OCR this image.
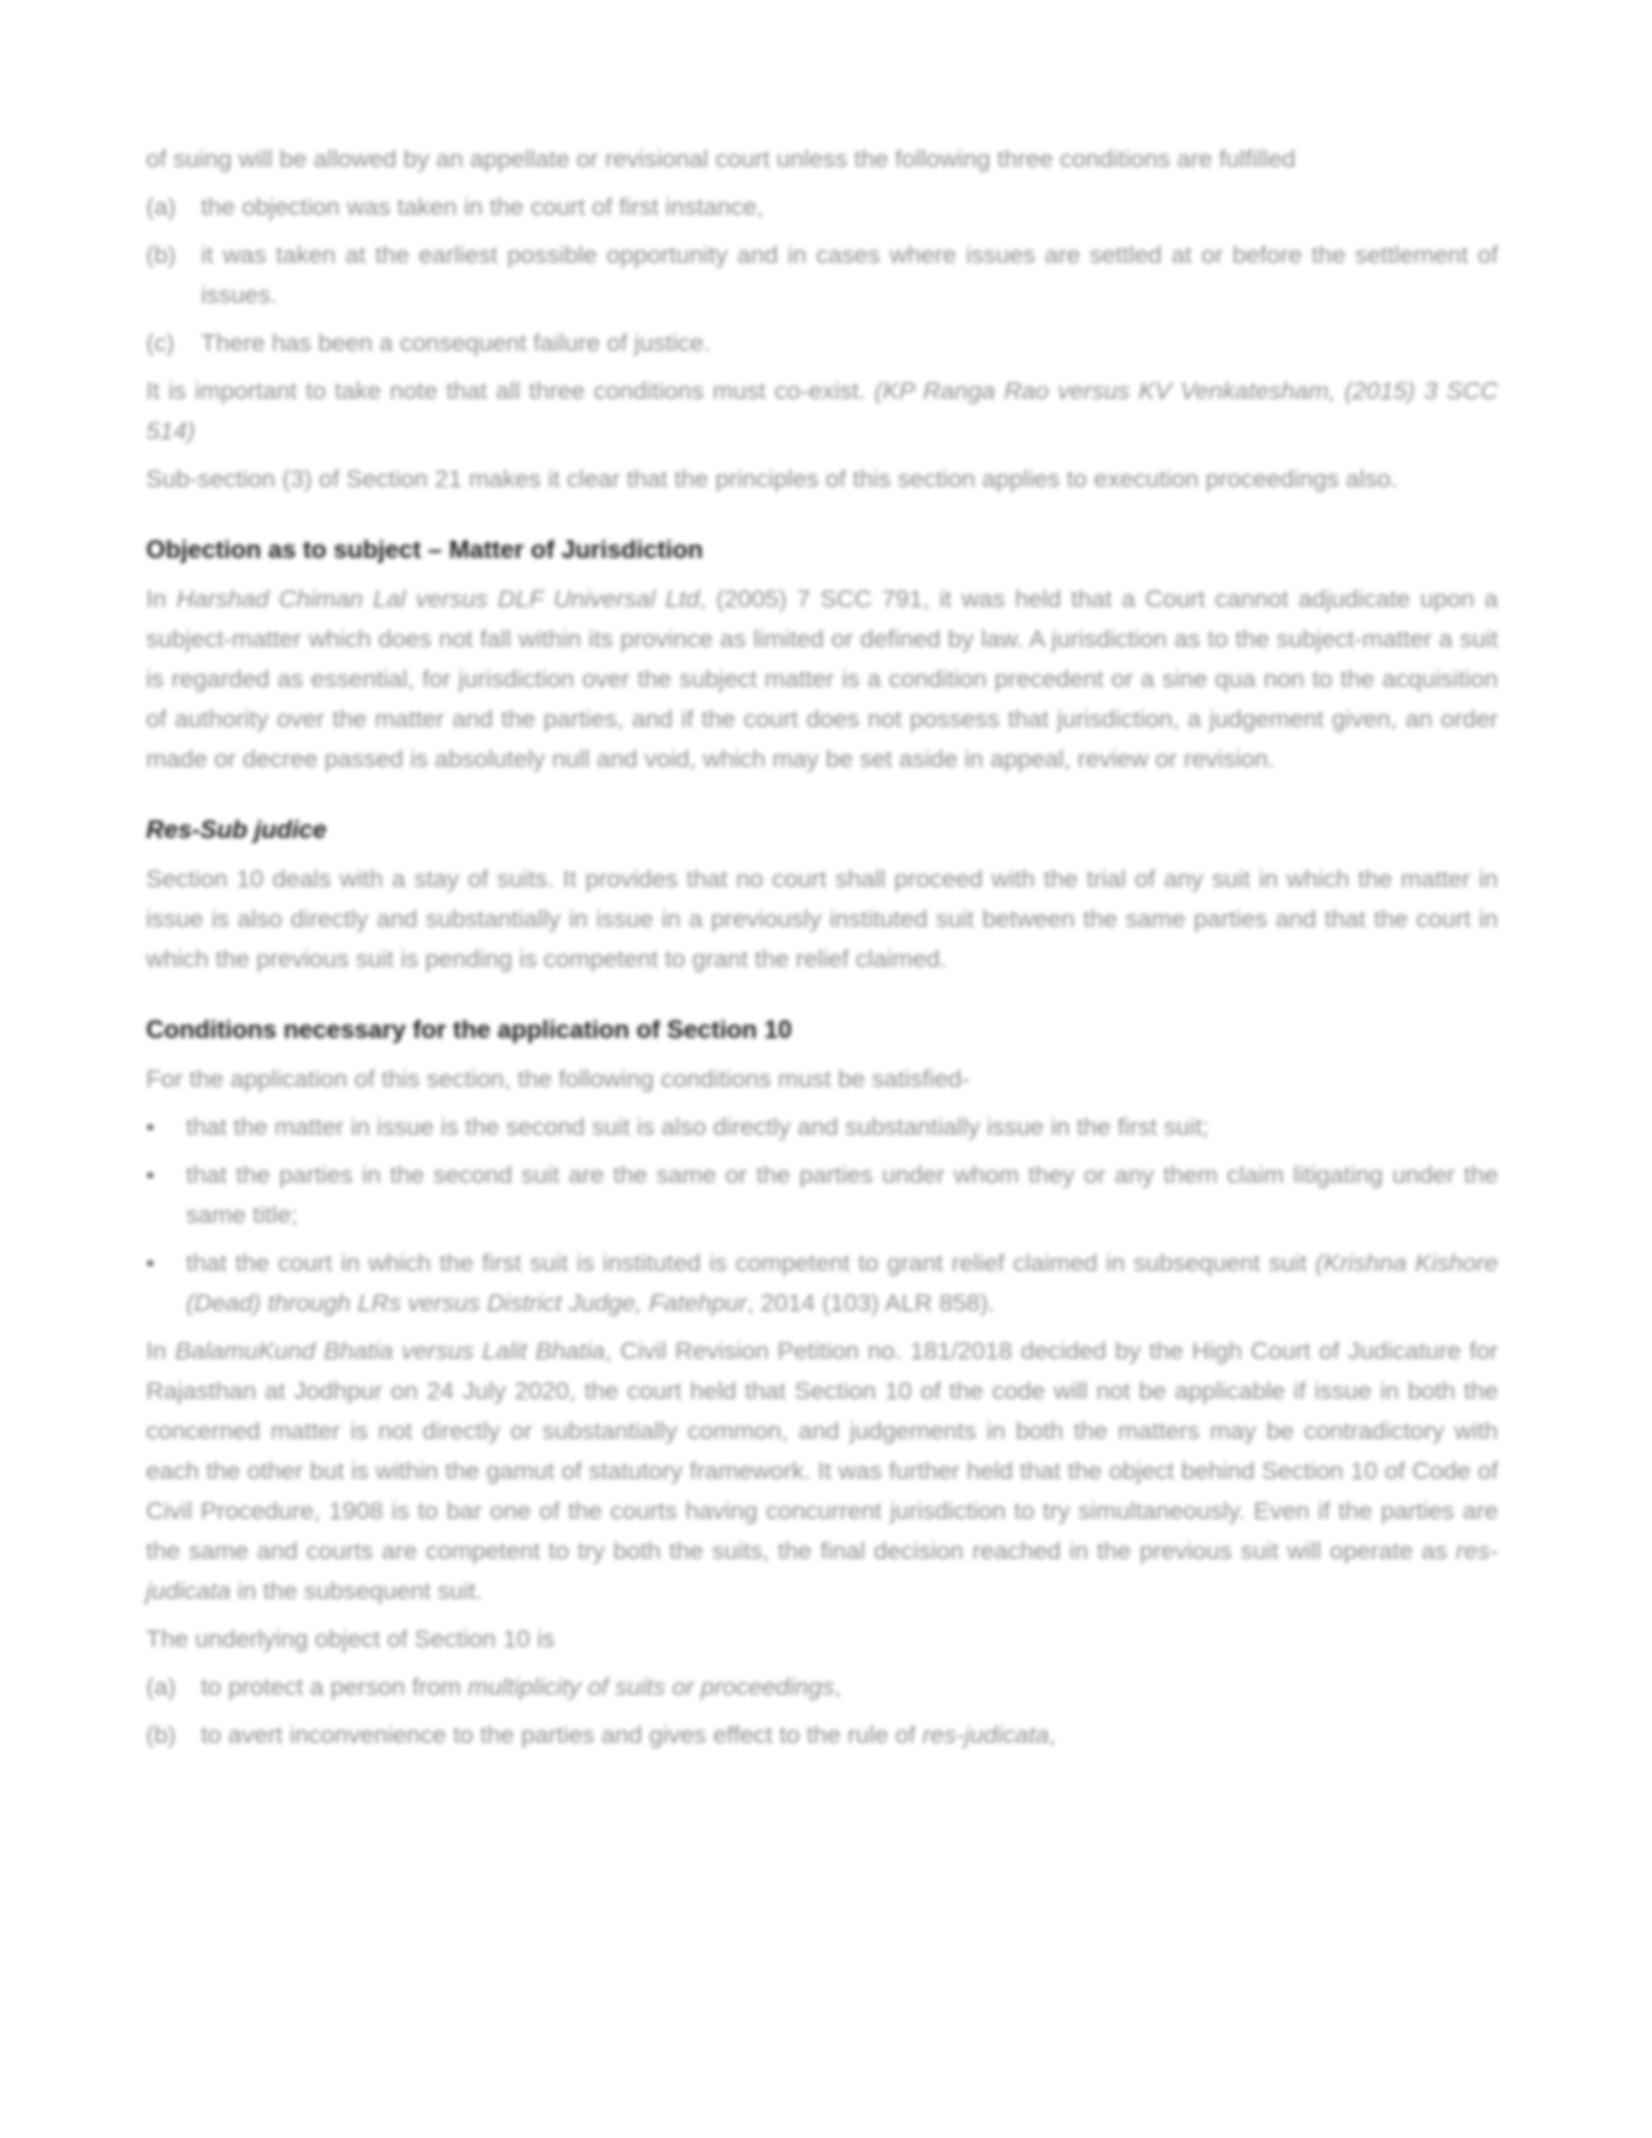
of suing will be allowed by an appellate or revisional court unless the following three conditions are fulfilled

(a)	the objection was taken in the court of first instance,
(b)	it was taken at the earliest possible opportunity and in cases where issues are settled at or before the settlement of issues.
(c)	There has been a consequent failure of justice.

It is important to take note that all three conditions must co-exist. (KP Ranga Rao versus KV Venkatesham, (2015) 3 SCC 514)

Sub-section (3) of Section 21 makes it clear that the principles of this section applies to execution proceedings also.

Objection as to subject – Matter of Jurisdiction

In Harshad Chiman Lal versus DLF Universal Ltd, (2005) 7 SCC 791, it was held that a Court cannot adjudicate upon a subject-matter which does not fall within its province as limited or defined by law. A jurisdiction as to the subject-matter a suit is regarded as essential, for jurisdiction over the subject matter is a condition precedent or a sine qua non to the acquisition of authority over the matter and the parties, and if the court does not possess that jurisdiction, a judgement given, an order made or decree passed is absolutely null and void, which may be set aside in appeal, review or revision.

Res-Sub judice

Section 10 deals with a stay of suits. It provides that no court shall proceed with the trial of any suit in which the matter in issue is also directly and substantially in issue in a previously instituted suit between the same parties and that the court in which the previous suit is pending is competent to grant the relief claimed.

Conditions necessary for the application of Section 10

For the application of this section, the following conditions must be satisfied-

•	that the matter in issue is the second suit is also directly and substantially issue in the first suit;
•	that the parties in the second suit are the same or the parties under whom they or any them claim litigating under the same title;
•	that the court in which the first suit is instituted is competent to grant relief claimed in subsequent suit (Krishna Kishore (Dead) through LRs versus District Judge, Fatehpur, 2014 (103) ALR 858).

In BalamuKund Bhatia versus Lalit Bhatia, Civil Revision Petition no. 181/2018 decided by the High Court of Judicature for Rajasthan at Jodhpur on 24 July 2020, the court held that Section 10 of the code will not be applicable if issue in both the concerned matter is not directly or substantially common, and judgements in both the matters may be contradictory with each the other but is within the gamut of statutory framework. It was further held that the object behind Section 10 of Code of Civil Procedure, 1908 is to bar one of the courts having concurrent jurisdiction to try simultaneously. Even if the parties are the same and courts are competent to try both the suits, the final decision reached in the previous suit will operate as res-judicata in the subsequent suit.

The underlying object of Section 10 is

(a)	to protect a person from multiplicity of suits or proceedings,
(b)	to avert inconvenience to the parties and gives effect to the rule of res-judicata,
